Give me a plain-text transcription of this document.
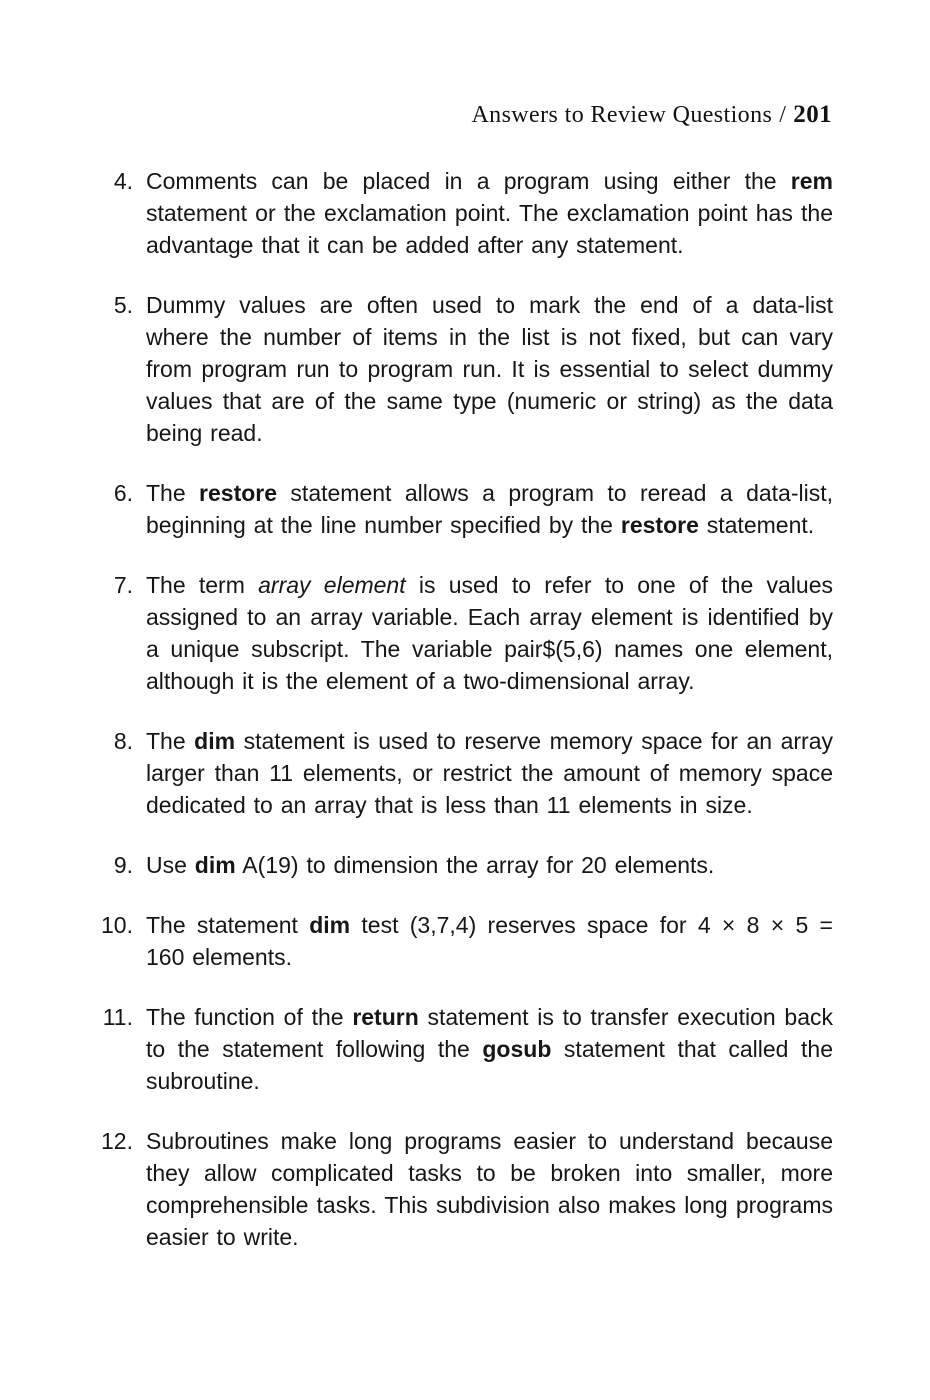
Answers to Review Questions / 201
4. Comments can be placed in a program using either the rem statement or the exclamation point. The exclamation point has the advantage that it can be added after any statement.
5. Dummy values are often used to mark the end of a data-list where the number of items in the list is not fixed, but can vary from program run to program run. It is essential to select dummy values that are of the same type (numeric or string) as the data being read.
6. The restore statement allows a program to reread a data-list, beginning at the line number specified by the restore statement.
7. The term array element is used to refer to one of the values assigned to an array variable. Each array element is identified by a unique subscript. The variable pair$(5,6) names one element, although it is the element of a two-dimensional array.
8. The dim statement is used to reserve memory space for an array larger than 11 elements, or restrict the amount of memory space dedicated to an array that is less than 11 elements in size.
9. Use dim A(19) to dimension the array for 20 elements.
10. The statement dim test (3,7,4) reserves space for 4 × 8 × 5 = 160 elements.
11. The function of the return statement is to transfer execution back to the statement following the gosub statement that called the subroutine.
12. Subroutines make long programs easier to understand because they allow complicated tasks to be broken into smaller, more comprehensible tasks. This subdivision also makes long programs easier to write.
